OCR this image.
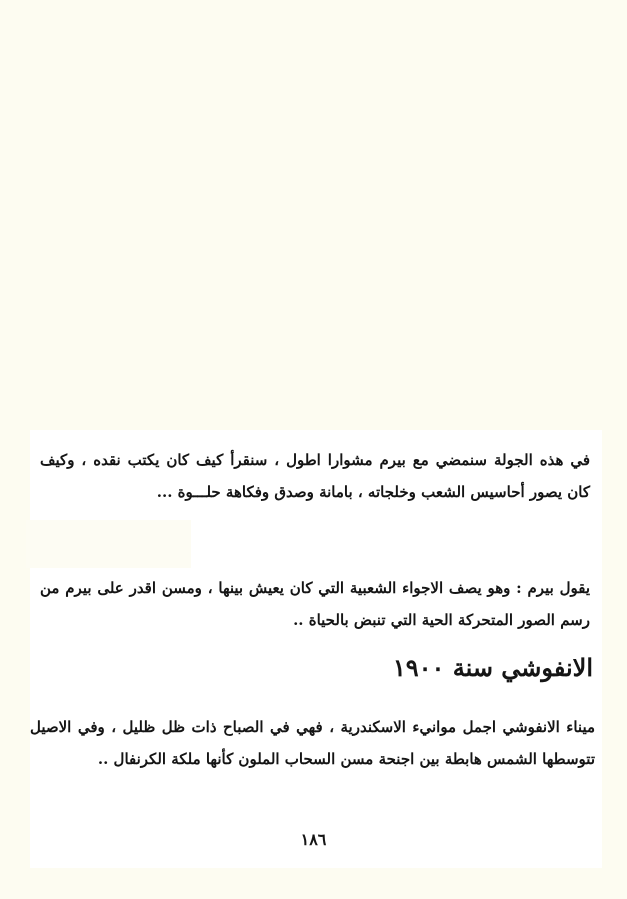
في هذه الجولة سنمضي مع بيرم مشوارا اطول ، سنقرأ كيف كان يكتب نقده ، وكيف كان يصور أحاسيس الشعب وخلجاته ، بامانة وصدق وفكاهة حلـــوة ...

يقول بيرم : وهو يصف الاجواء الشعبية التي كان يعيش بينها ، ومسن اقدر على بيرم من رسم الصور المتحركة الحية التي تنبض بالحياة ..

الانفوشي سنة ١٩٠٠

ميناء الانفوشي اجمل موانيء الاسكندرية ، فهي في الصباح ذات ظل ظليل ، وفي الاصيل تتوسطها الشمس هابطة بين اجنحة مسن السحاب الملون كأنها ملكة الكرنفال ..

١٨٦
